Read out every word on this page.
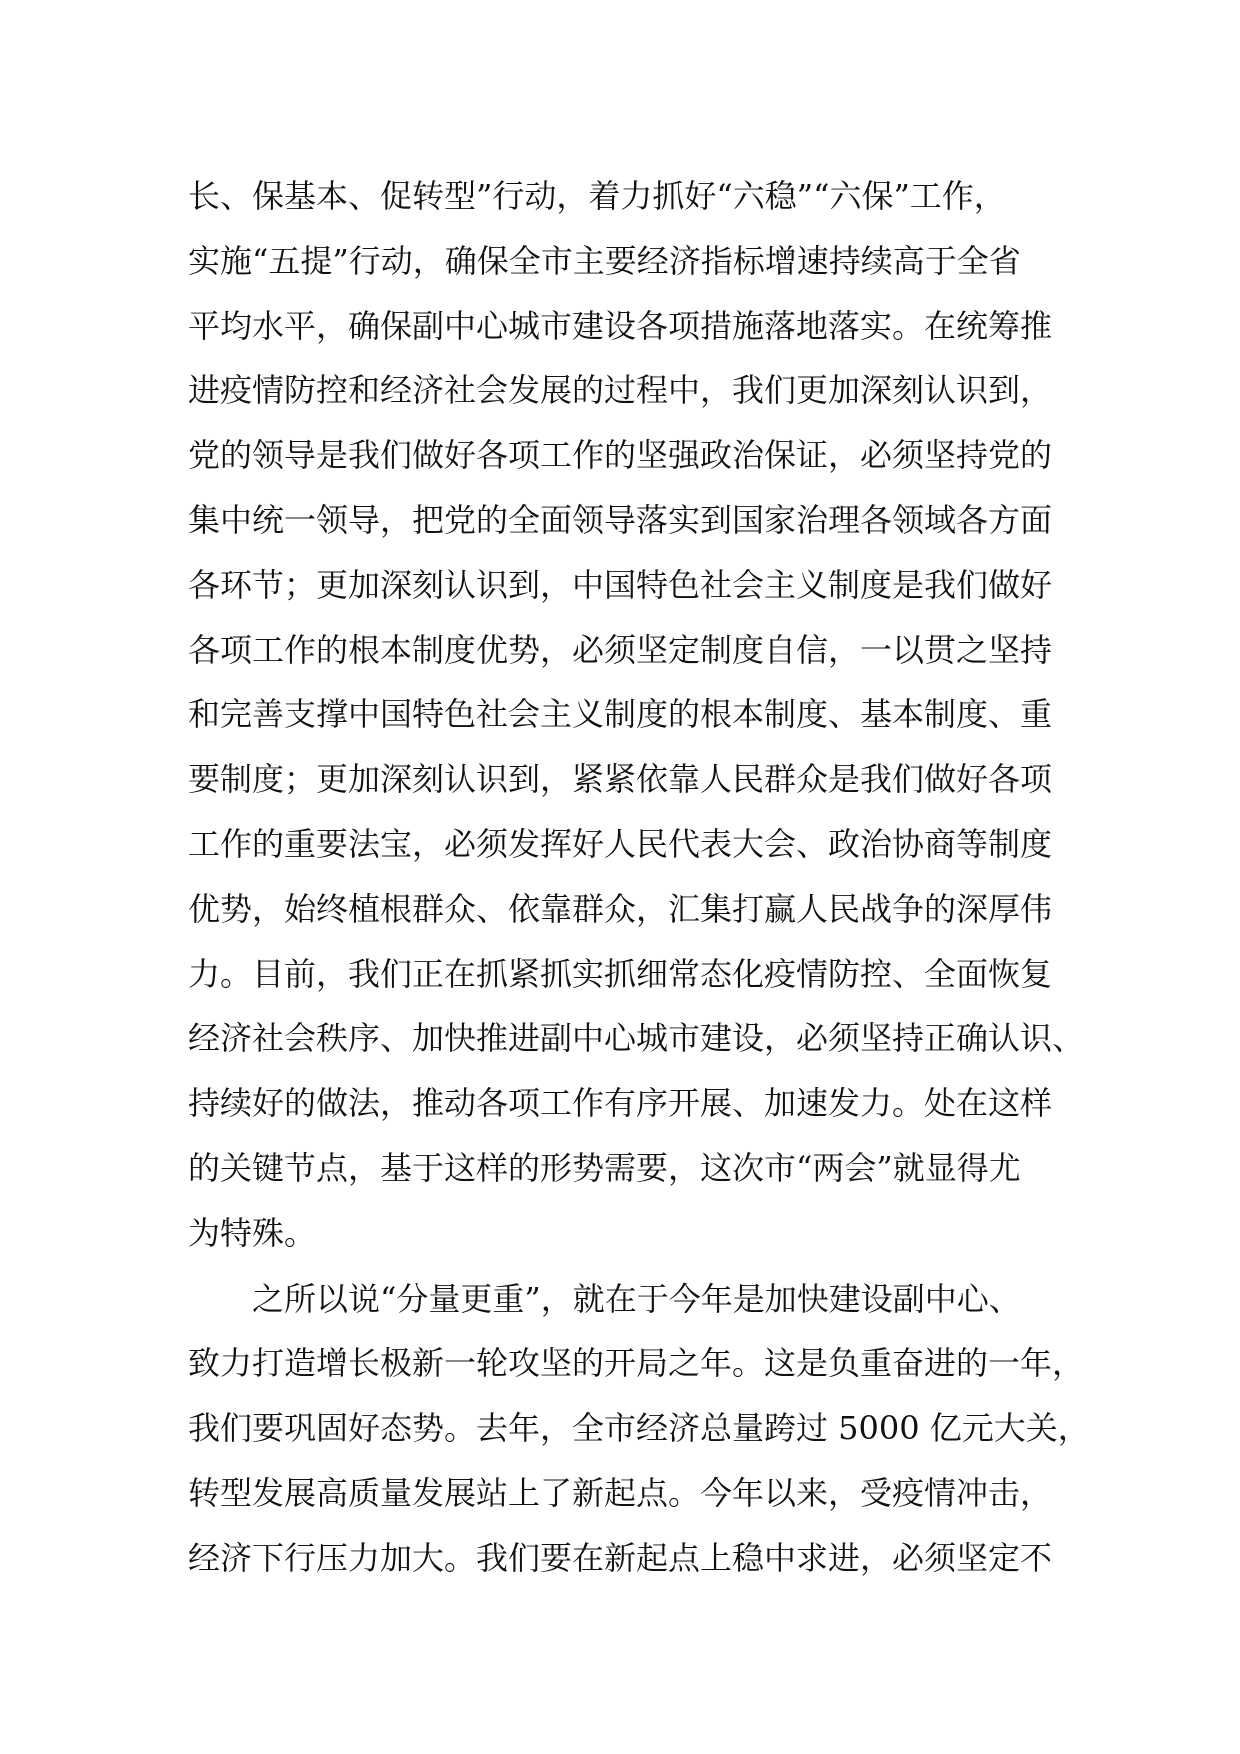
长、保基本、促转型”行动，着力抓好“六稳”“六保”工作，
实施“五提”行动，确保全市主要经济指标增速持续高于全省
平均水平，确保副中心城市建设各项措施落地落实。在统筹推
进疫情防控和经济社会发展的过程中，我们更加深刻认识到，
党的领导是我们做好各项工作的坚强政治保证，必须坚持党的
集中统一领导，把党的全面领导落实到国家治理各领域各方面
各环节；更加深刻认识到，中国特色社会主义制度是我们做好
各项工作的根本制度优势，必须坚定制度自信，一以贯之坚持
和完善支撑中国特色社会主义制度的根本制度、基本制度、重
要制度；更加深刻认识到，紧紧依靠人民群众是我们做好各项
工作的重要法宝，必须发挥好人民代表大会、政治协商等制度
优势，始终植根群众、依靠群众，汇集打赢人民战争的深厚伟
力。目前，我们正在抓紧抓实抓细常态化疫情防控、全面恢复
经济社会秩序、加快推进副中心城市建设，必须坚持正确认识、
持续好的做法，推动各项工作有序开展、加速发力。处在这样
的关键节点，基于这样的形势需要，这次市“两会”就显得尤
为特殊。
之所以说“分量更重”，就在于今年是加快建设副中心、
致力打造增长极新一轮攻坚的开局之年。这是负重奋进的一年，
我们要巩固好态势。去年，全市经济总量跨过 5000 亿元大关，
转型发展高质量发展站上了新起点。今年以来，受疫情冲击，
经济下行压力加大。我们要在新起点上稳中求进，必须坚定不
